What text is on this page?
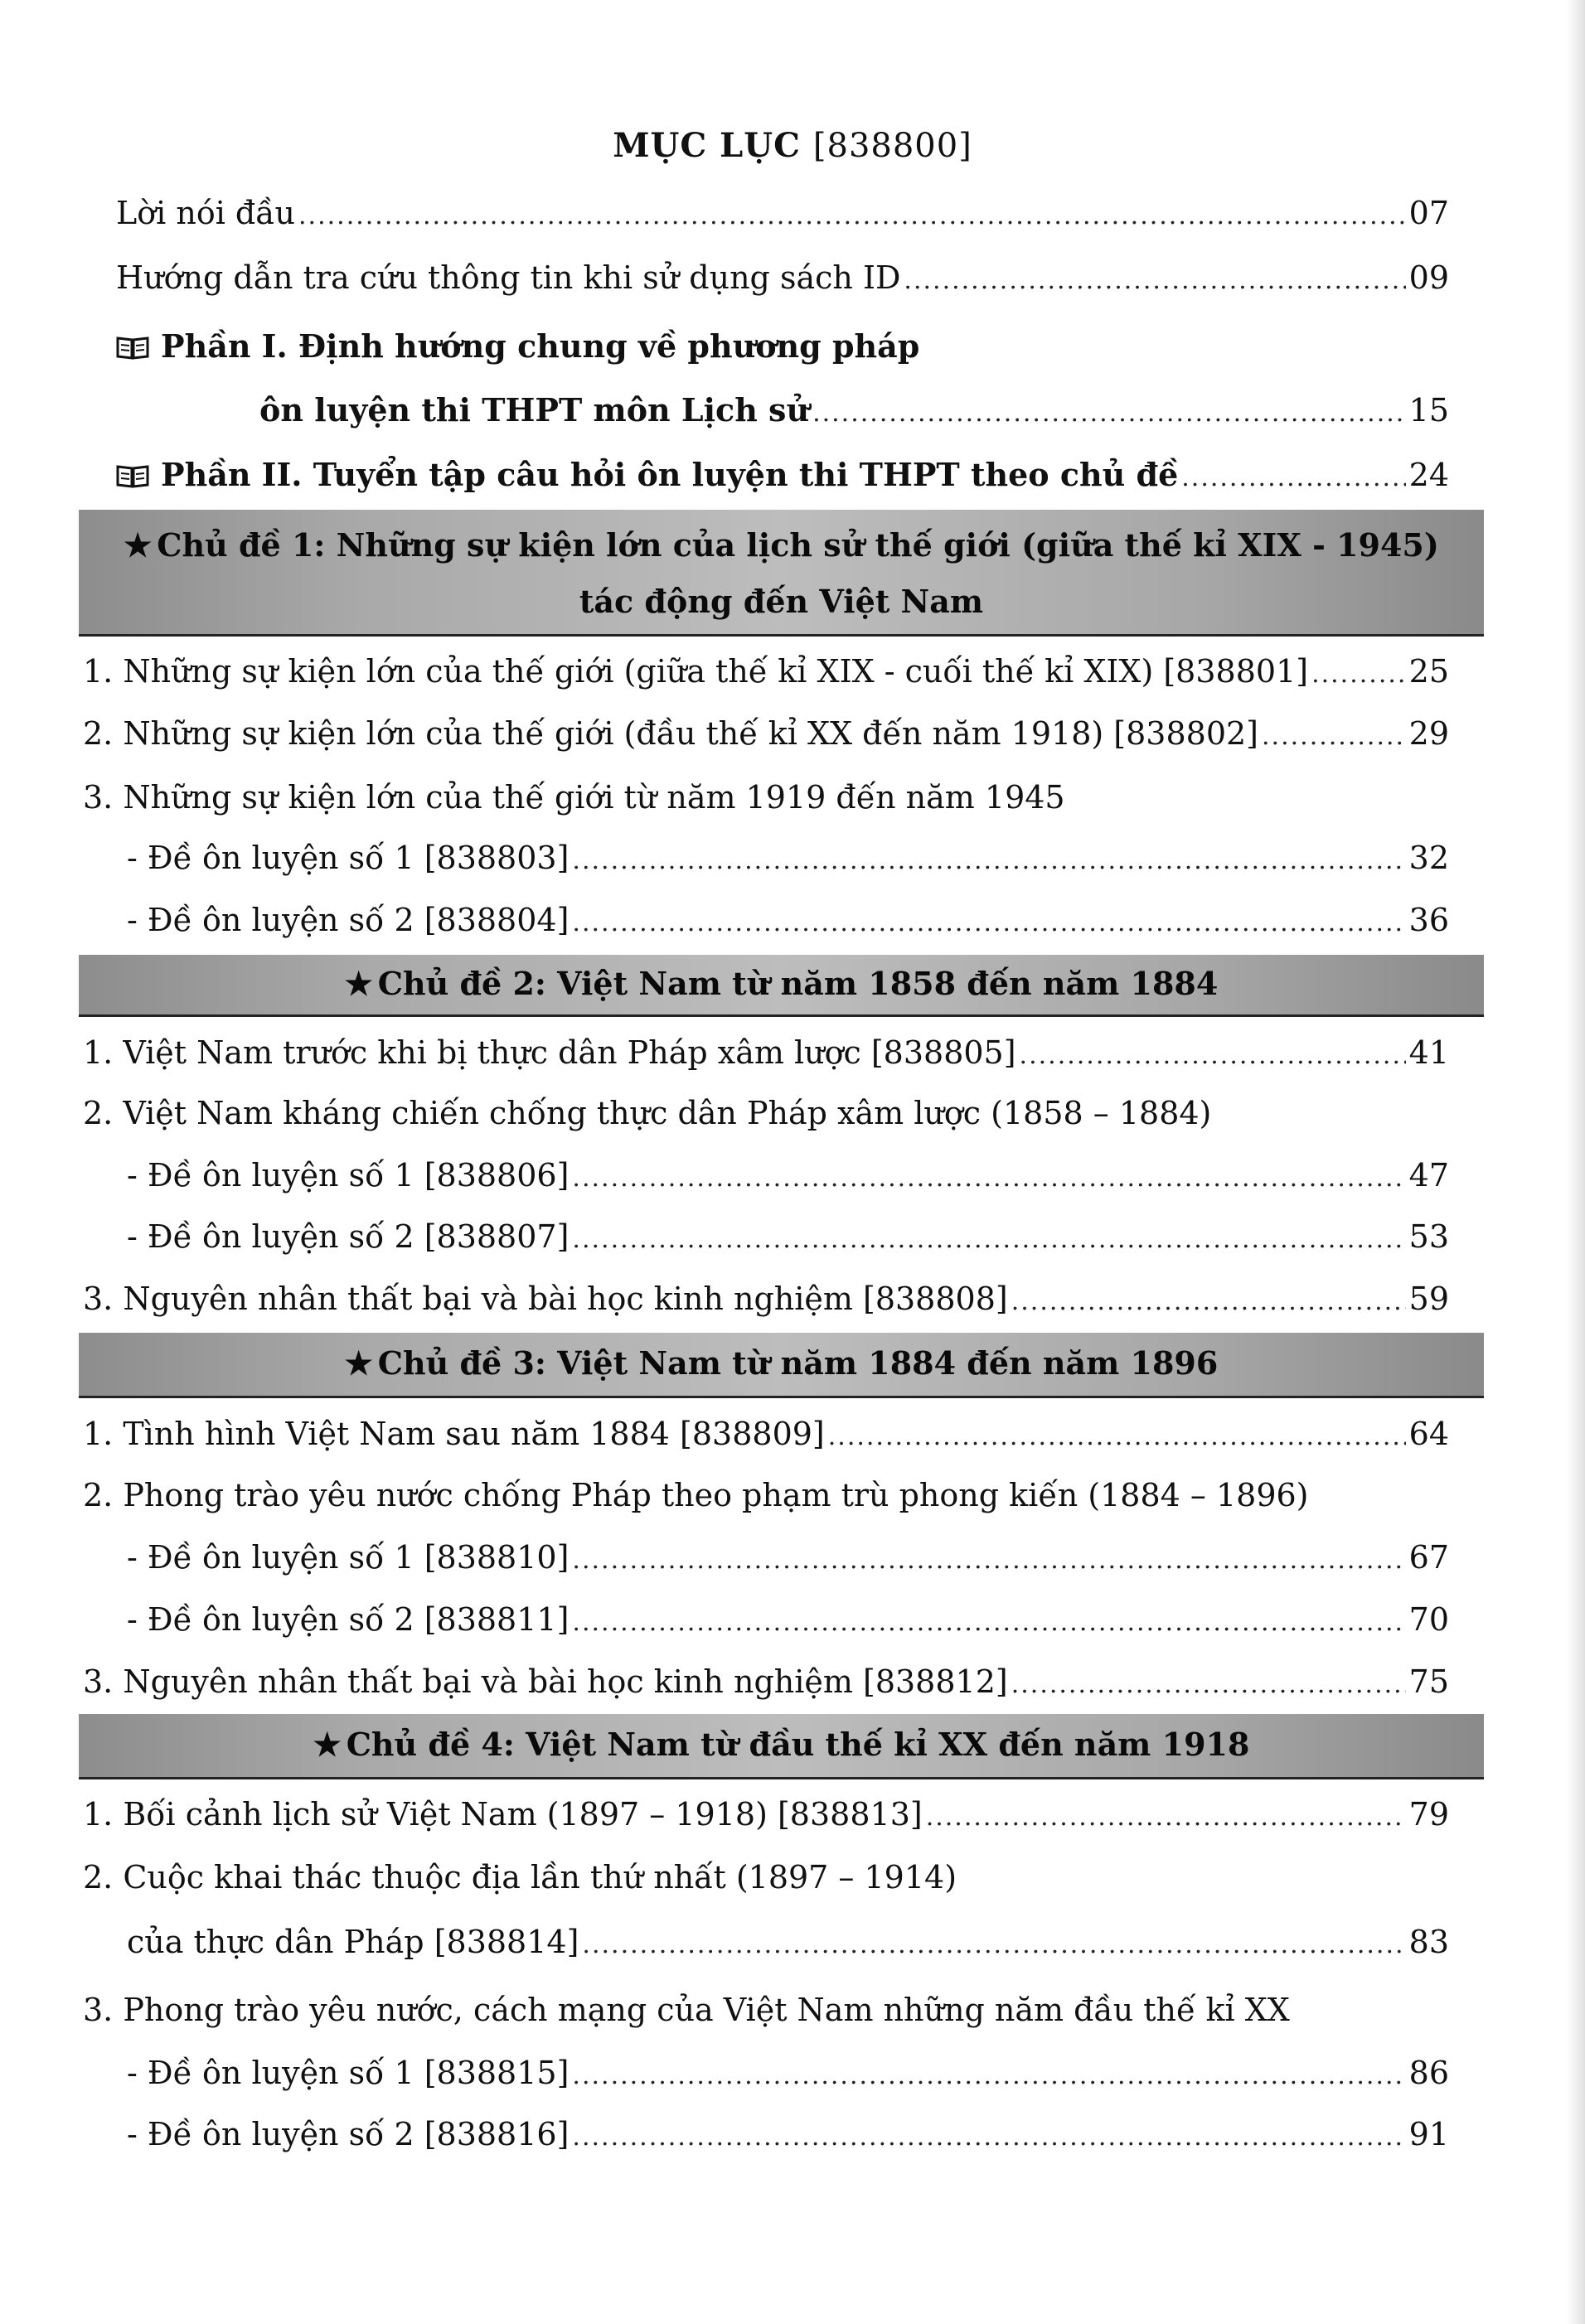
MỤC LỤC [838800]
Lời nói đầu .....	07
Hướng dẫn tra cứu thông tin khi sử dụng sách ID .....	09
Phần I. Định hướng chung về phương pháp
ôn luyện thi THPT môn Lịch sử .....	15
Phần II. Tuyển tập câu hỏi ôn luyện thi THPT theo chủ đề .....	24
★ Chủ đề 1: Những sự kiện lớn của lịch sử thế giới (giữa thế kỉ XIX - 1945)
tác động đến Việt Nam
1. Những sự kiện lớn của thế giới (giữa thế kỉ XIX - cuối thế kỉ XIX) [838801] .....	25
2. Những sự kiện lớn của thế giới (đầu thế kỉ XX đến năm 1918) [838802] .....	29
3. Những sự kiện lớn của thế giới từ năm 1919 đến năm 1945
- Đề ôn luyện số 1 [838803] .....	32
- Đề ôn luyện số 2 [838804] .....	36
★ Chủ đề 2: Việt Nam từ năm 1858 đến năm 1884
1. Việt Nam trước khi bị thực dân Pháp xâm lược [838805] .....	41
2. Việt Nam kháng chiến chống thực dân Pháp xâm lược (1858 – 1884)
- Đề ôn luyện số 1 [838806] .....	47
- Đề ôn luyện số 2 [838807] .....	53
3. Nguyên nhân thất bại và bài học kinh nghiệm [838808] .....	59
★ Chủ đề 3: Việt Nam từ năm 1884 đến năm 1896
1. Tình hình Việt Nam sau năm 1884 [838809] .....	64
2. Phong trào yêu nước chống Pháp theo phạm trù phong kiến (1884 – 1896)
- Đề ôn luyện số 1 [838810] .....	67
- Đề ôn luyện số 2 [838811] .....	70
3. Nguyên nhân thất bại và bài học kinh nghiệm [838812] .....	75
★ Chủ đề 4: Việt Nam từ đầu thế kỉ XX đến năm 1918
1. Bối cảnh lịch sử Việt Nam (1897 – 1918) [838813] .....	79
2. Cuộc khai thác thuộc địa lần thứ nhất (1897 – 1914)
của thực dân Pháp [838814] .....	83
3. Phong trào yêu nước, cách mạng của Việt Nam những năm đầu thế kỉ XX
- Đề ôn luyện số 1 [838815] .....	86
- Đề ôn luyện số 2 [838816] .....	91
